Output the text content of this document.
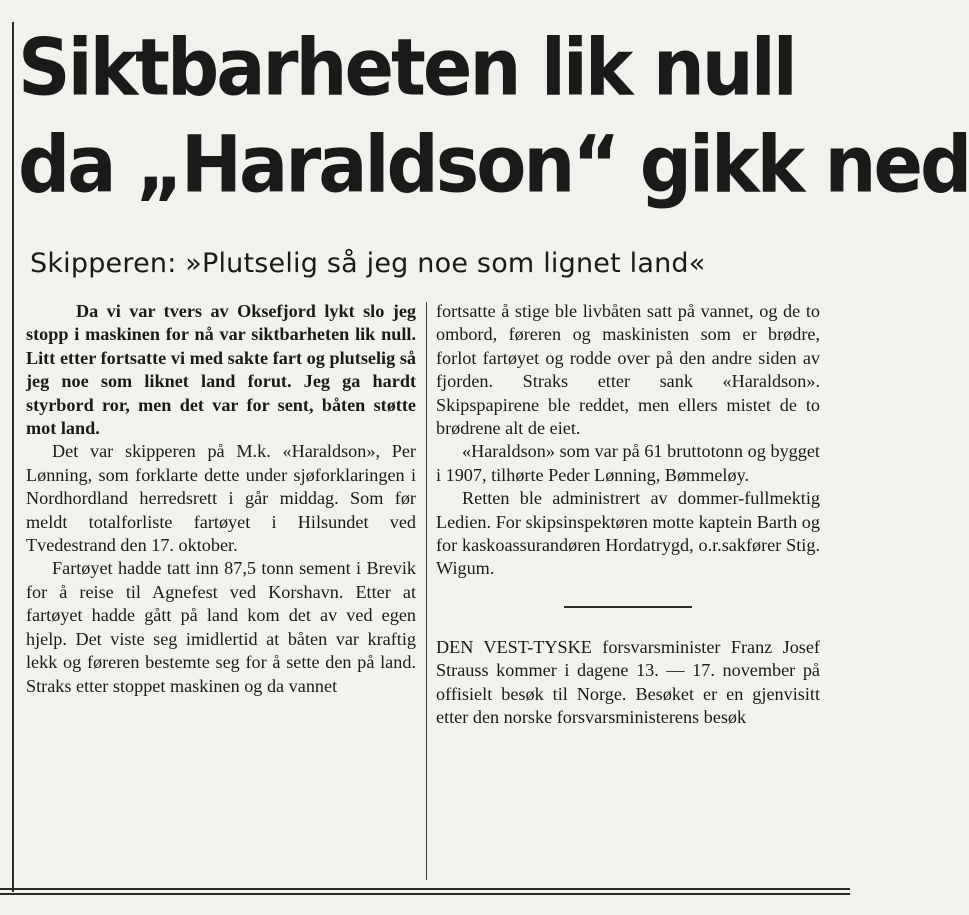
Siktbarheten lik null
da „Haraldson“ gikk ned
Skipperen: »Plutselig så jeg noe som lignet land«

Da vi var tvers av Oksefjord lykt slo jeg stopp i maskinen for nå var siktbarheten lik null. Litt etter fortsatte vi med sakte fart og plutselig så jeg noe som liknet land forut. Jeg ga hardt styrbord ror, men det var for sent, båten støtte mot land.

Det var skipperen på M.k. «Haraldson», Per Lønning, som forklarte dette under sjøforklaringen i Nordhordland herredsrett i går middag. Som før meldt totalforliste fartøyet i Hilsundet ved Tvedestrand den 17. oktober.

Fartøyet hadde tatt inn 87,5 tonn sement i Brevik for å reise til Agnefest ved Korshavn. Etter at fartøyet hadde gått på land kom det av ved egen hjelp. Det viste seg imidlertid at båten var kraftig lekk og føreren bestemte seg for å sette den på land. Straks etter stoppet maskinen og da vannet

fortsatte å stige ble livbåten satt på vannet, og de to ombord, føreren og maskinisten som er brødre, forlot fartøyet og rodde over på den andre siden av fjorden. Straks etter sank «Haraldson». Skipspapirene ble reddet, men ellers mistet de to brødrene alt de eiet.

«Haraldson» som var på 61 bruttotonn og bygget i 1907, tilhørte Peder Lønning, Bømmeløy.

Retten ble administrert av dommer-fullmektig Ledien. For skipsinspektøren motte kaptein Barth og for kaskoassurandøren Hordatrygd, o.r.sakfører Stig. Wigum.

DEN VEST-TYSKE forsvarsminister Franz Josef Strauss kommer i dagene 13. — 17. november på offisielt besøk til Norge. Besøket er en gjenvisitt etter den norske forsvarsministerens besøk
